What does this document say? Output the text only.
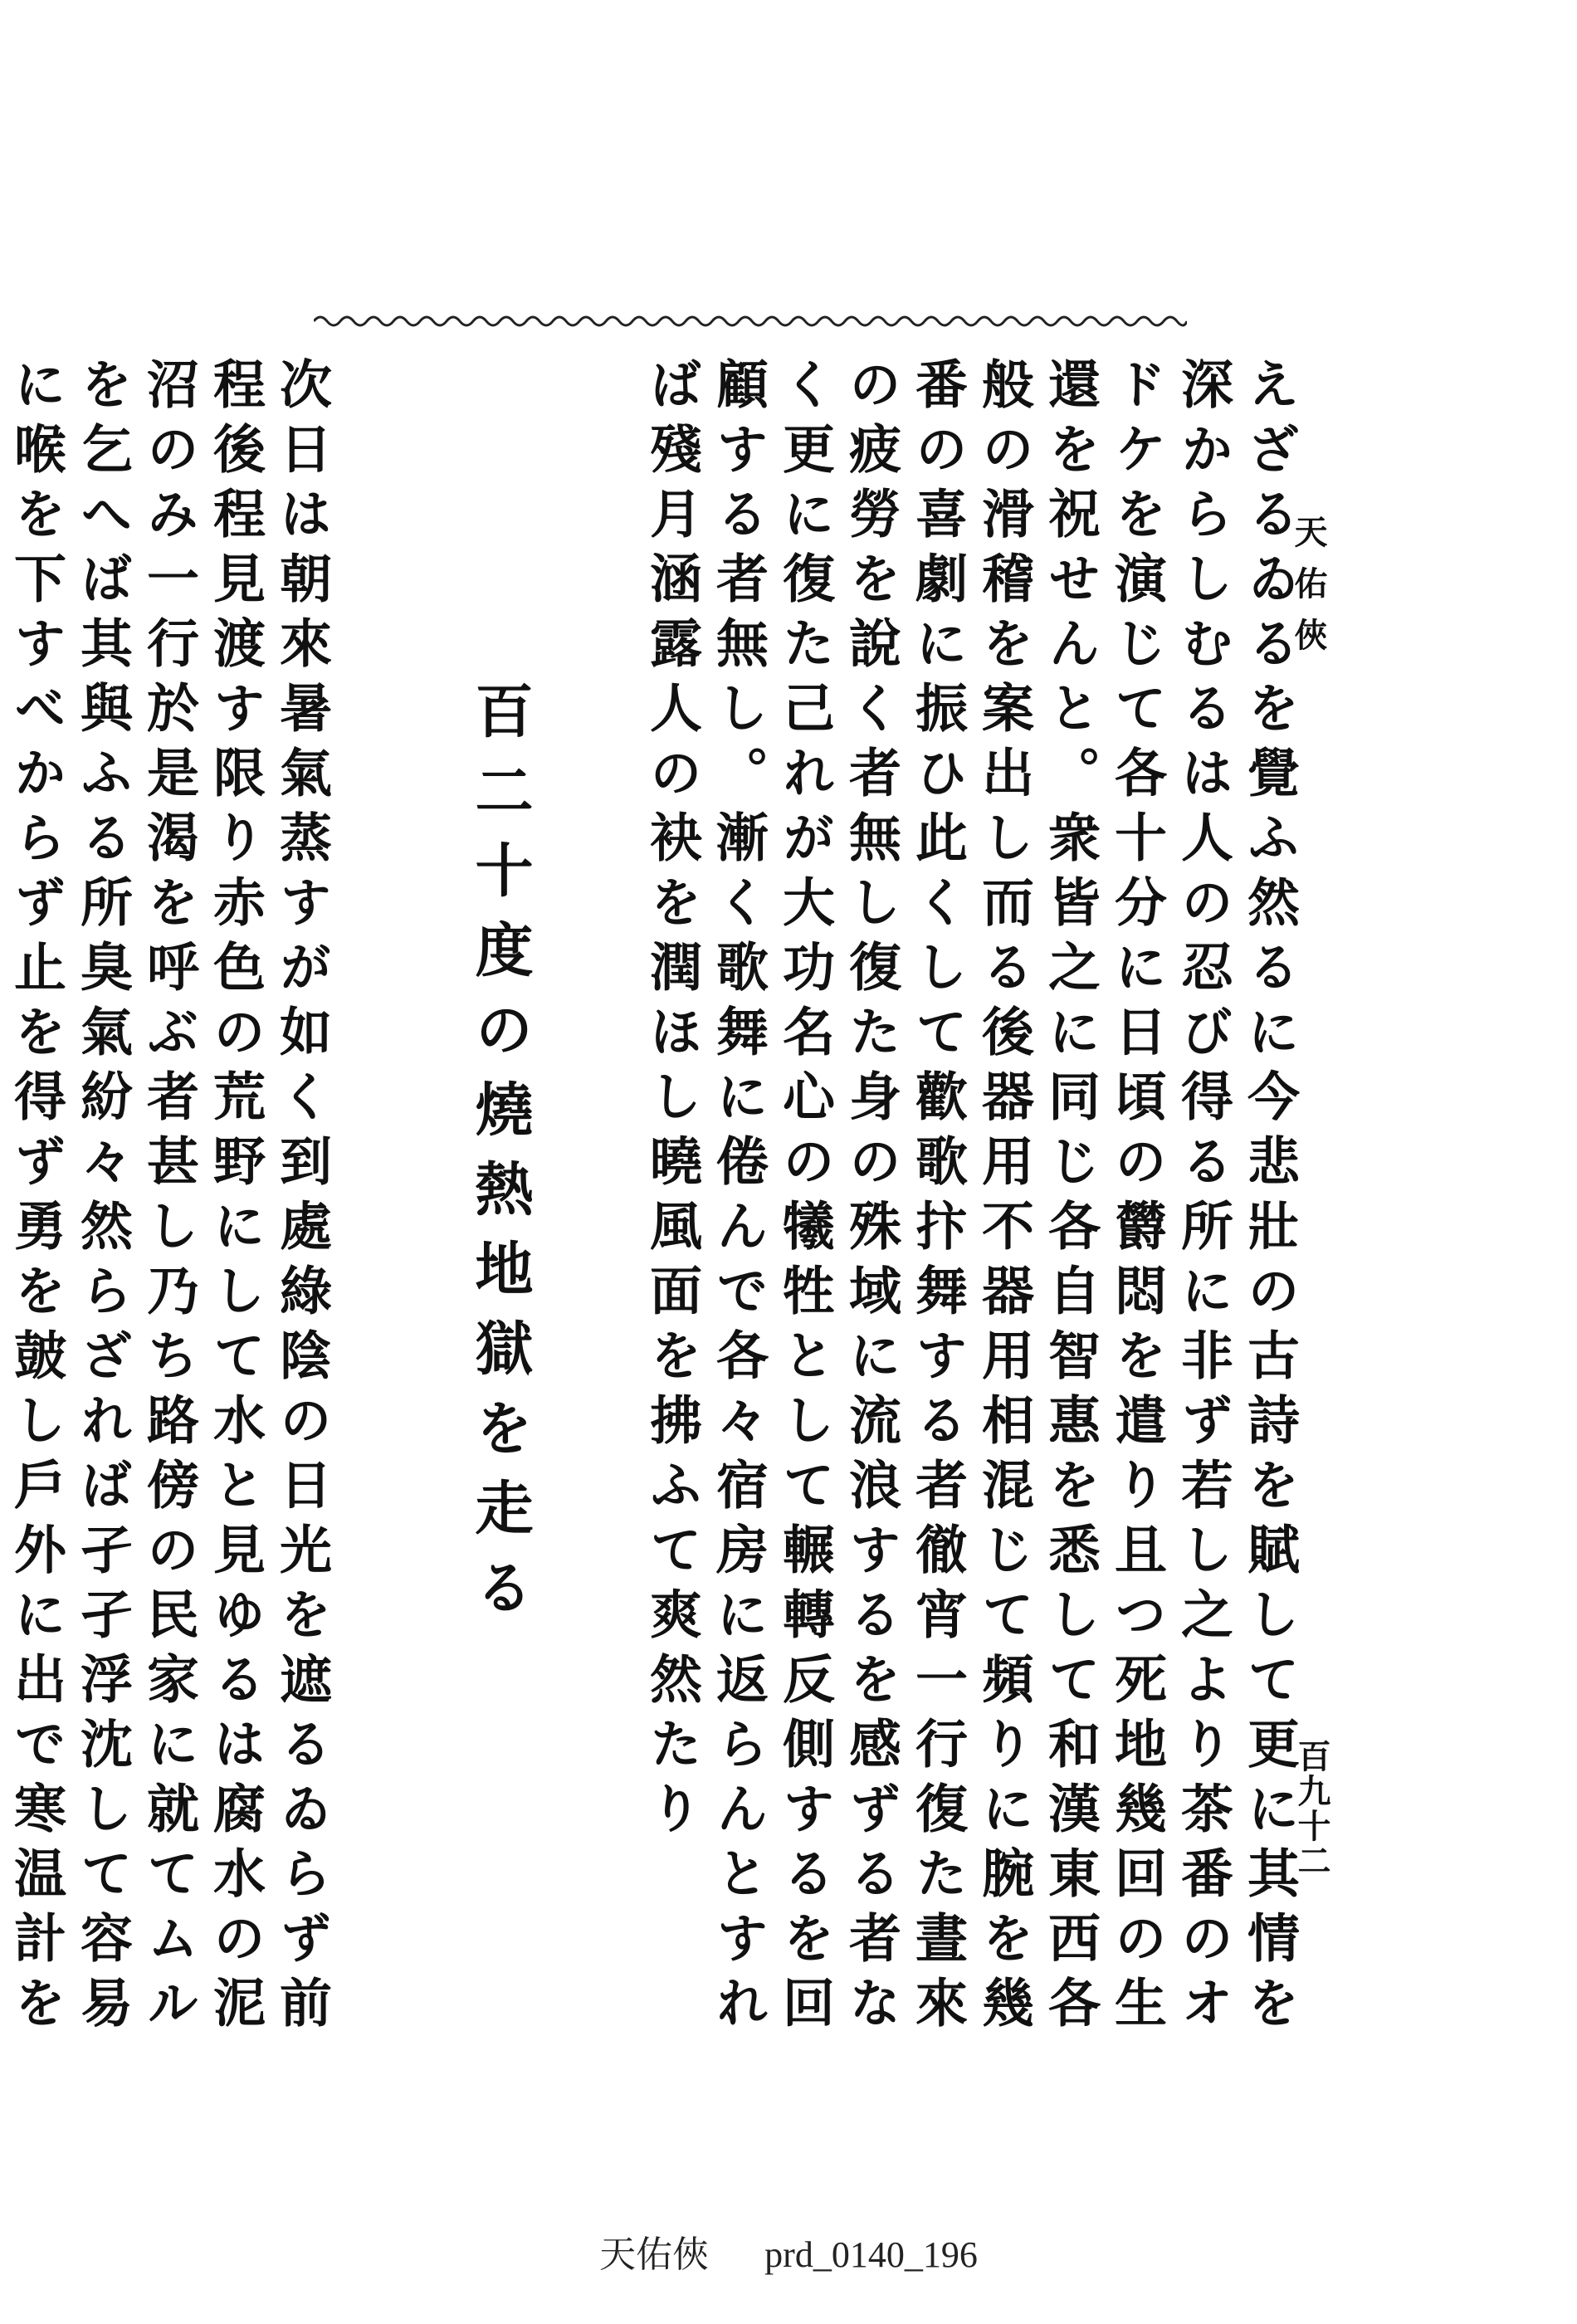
天佑俠
百九十二

えざるゐるを覺ふ然るに今悲壯の古詩を賦して更に其情を深からしむるは人の忍び得る所に非ず若し之より茶番のオドケを演じて各十分に日頃の欝悶を遣り且つ死地幾回の生還を祝せんと。衆皆之に同じ各自智惠を悉して和漢東西各般の滑稽を案出し而る後器用不器用相混じて頻りに腕を幾番の喜劇に振ひ此くして歡歌抃舞する者徹宵一行復た晝來の疲勞を說く者無し復た身の殊域に流浪するを感ずる者なく更に復た己れが大功名心の犧牲として輾轉反側するを回顧する者無し。漸く歌舞に倦んで各々宿房に返らんとすれば殘月涵露人の袂を潤ほし曉風面を拂ふて爽然たり

百二十度の燒熱地獄を走る

次日は朝來暑氣蒸すが如く到處綠陰の日光を遮るゐらず前程後程見渡す限り赤色の荒野にして水と見ゆるは腐水の泥沼のみ一行於是渴を呼ぶ者甚し乃ち路傍の民家に就てムルを乞へば其與ふる所臭氣紛々然らざれば孑孑浮沈して容易に喉を下すべからず止を得ず勇を皷し戶外に出で寒温計を

天佑俠 prd_0140_196
